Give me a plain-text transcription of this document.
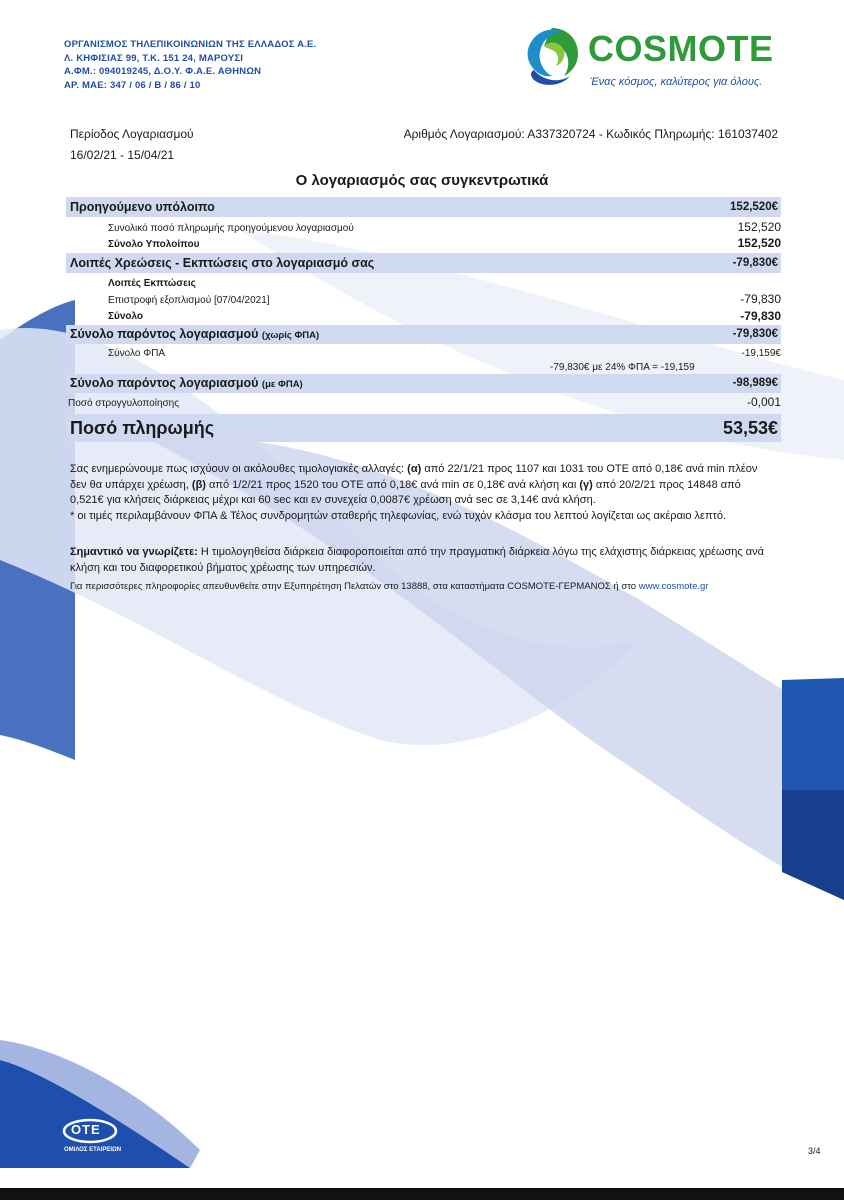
ΟΡΓΑΝΙΣΜΟΣ ΤΗΛΕΠΙΚΟΙΝΩΝΙΩΝ ΤΗΣ ΕΛΛΑΔΟΣ Α.Ε.
Λ. ΚΗΦΙΣΙΑΣ 99, Τ.Κ. 151 24, ΜΑΡΟΥΣΙ
Α.ΦΜ.: 094019245, Δ.Ο.Υ. Φ.Α.Ε. ΑΘΗΝΩΝ
ΑΡ. ΜΑΕ: 347 / 06 / Β / 86 / 10
COSMOTE
Ένας κόσμος, καλύτερος για όλους.
Περίοδος Λογαριασμού
16/02/21 - 15/04/21
Αριθμός Λογαριασμού: Α337320724 - Κωδικός Πληρωμής: 161037402
Ο λογαριασμός σας συγκεντρωτικά
Προηγούμενο υπόλοιπο	152,520€
Συνολικό ποσό πληρωμής προηγούμενου λογαριασμού	152,520
Σύνολο Υπολοίπου	152,520
Λοιπές Χρεώσεις - Εκπτώσεις στο λογαριασμό σας	-79,830€
Λοιπές Εκπτώσεις
Επιστροφή εξοπλισμού [07/04/2021]	-79,830
Σύνολο	-79,830
Σύνολο παρόντος λογαριασμού (χωρίς ΦΠΑ)	-79,830€
Σύνολο ΦΠΑ	-19,159€
-79,830€ με 24% ΦΠΑ = -19,159
Σύνολο παρόντος λογαριασμού (με ΦΠΑ)	-98,989€
Ποσό στρογγυλοποίησης	-0,001
Ποσό πληρωμής	53,53€
Σας ενημερώνουμε πως ισχύουν οι ακόλουθες τιμολογιακές αλλαγές: (α) από 22/1/21 προς 1107 και 1031 του ΟΤΕ από 0,18€ ανά min πλέον δεν θα υπάρχει χρέωση, (β) από 1/2/21 προς 1520 του ΟΤΕ από 0,18€ ανά min σε 0,18€ ανά κλήση και (γ) από 20/2/21 προς 14848 από 0,521€ για κλήσεις διάρκειας μέχρι και 60 sec και εν συνεχεία 0,0087€ χρέωση ανά sec σε 3,14€ ανά κλήση.
* οι τιμές περιλαμβάνουν ΦΠΑ & Τέλος συνδρομητών σταθερής τηλεφωνίας, ενώ τυχόν κλάσμα του λεπτού λογίζεται ως ακέραιο λεπτό.
Σημαντικό να γνωρίζετε: Η τιμολογηθείσα διάρκεια διαφοροποιείται από την πραγματική διάρκεια λόγω της ελάχιστης διάρκειας χρέωσης ανά κλήση και του διαφορετικού βήματος χρέωσης των υπηρεσιών.
Για περισσότερες πληροφορίες απευθυνθείτε στην Εξυπηρέτηση Πελατών στο 13888, στα καταστήματα COSMOTE-ΓΕΡΜΑΝΟΣ ή στο www.cosmote.gr
ΟΤΕ
ΟΜΙΛΟΣ ΕΤΑΙΡΕΙΩΝ	3/4
